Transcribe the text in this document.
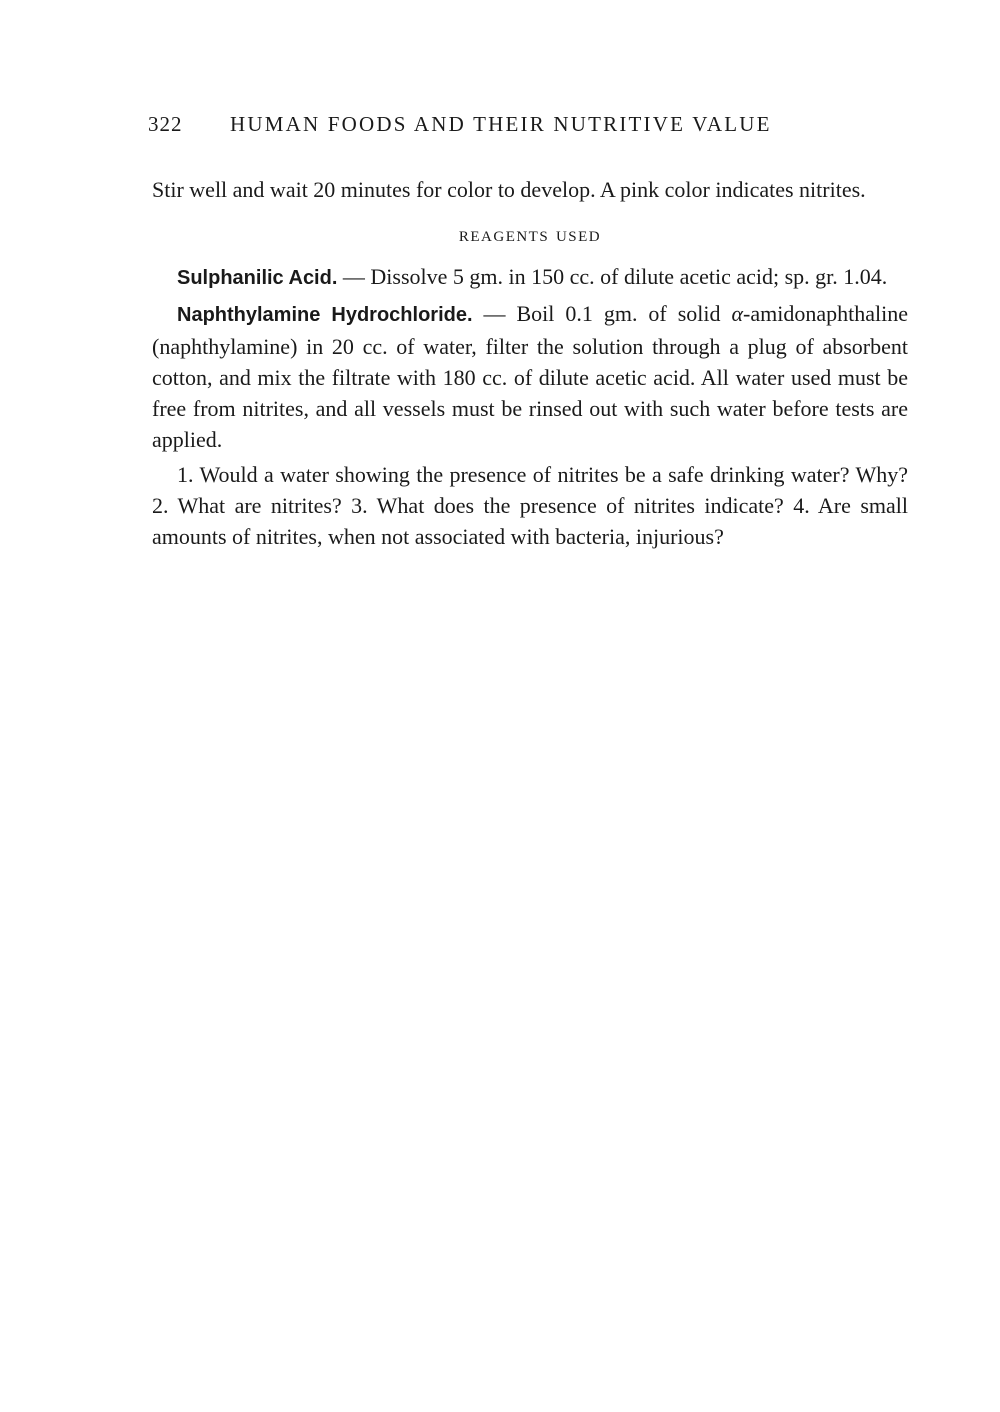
322	HUMAN FOODS AND THEIR NUTRITIVE VALUE

Stir well and wait 20 minutes for color to develop. A pink color indicates nitrites.

reagents used

Sulphanilic Acid. — Dissolve 5 gm. in 150 cc. of dilute acetic acid; sp. gr. 1.04.

Naphthylamine Hydrochloride. — Boil 0.1 gm. of solid α-amidonaphthaline (naphthylamine) in 20 cc. of water, filter the solution through a plug of absorbent cotton, and mix the filtrate with 180 cc. of dilute acetic acid. All water used must be free from nitrites, and all vessels must be rinsed out with such water before tests are applied.

1. Would a water showing the presence of nitrites be a safe drinking water? Why? 2. What are nitrites? 3. What does the presence of nitrites indicate? 4. Are small amounts of nitrites, when not associated with bacteria, injurious?
